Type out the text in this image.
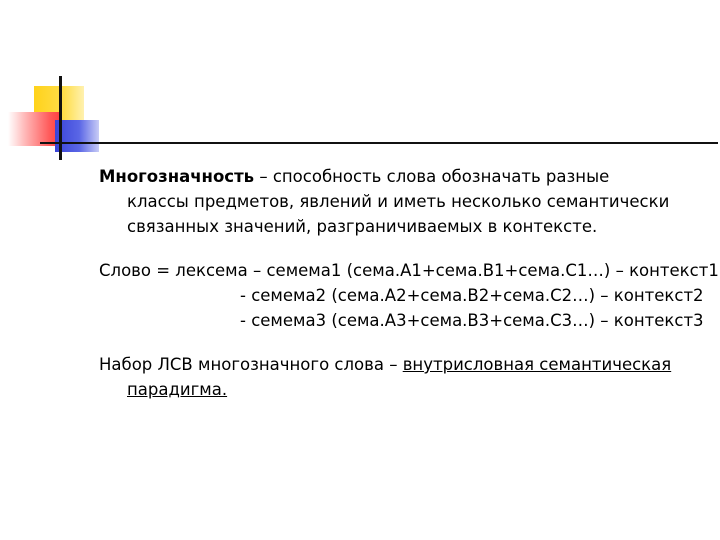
Многозначность – способность слова обозначать разные
классы предметов, явлений и иметь несколько семантически
связанных значений, разграничиваемых в контексте.

Слово = лексема – семема1 (сема.А1+сема.В1+сема.С1…) – контекст1
- семема2 (сема.А2+сема.В2+сема.С2…) – контекст2
- семема3 (сема.А3+сема.В3+сема.С3…) – контекст3

Набор ЛСВ многозначного слова – внутрисловная семантическая
парадигма.
